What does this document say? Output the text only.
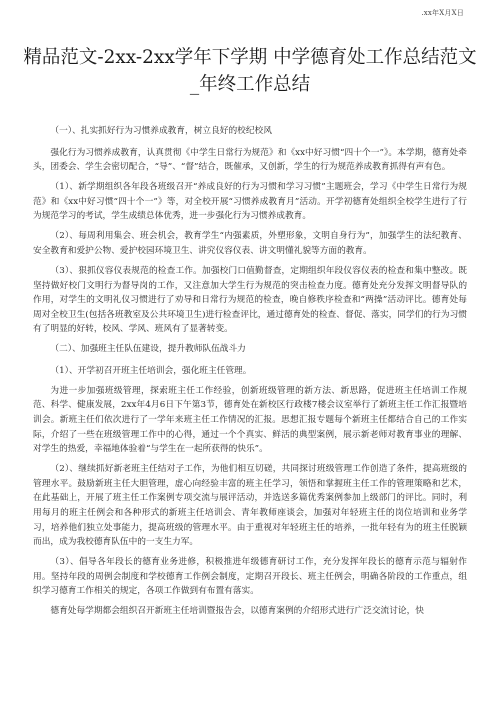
.xx年X月X日
精品范文-2xx-2xx学年下学期 中学德育处工作总结范文_年终工作总结

（一）、扎实抓好行为习惯养成教育，树立良好的校纪校风

强化行为习惯养成教育，认真贯彻《中学生日常行为规范》和《xx中好习惯“四十个一”》。本学期，德育处牵头，团委会、学生会密切配合，“导”、“督”结合，既催承，又创新，学生的行为规范养成教育抓得有声有色。

（1）、新学期组织各年段各班级召开“养成良好的行为习惯和学习习惯”主题班会，学习《中学生日常行为规范》和《xx中好习惯“四十个一”》等，对全校开展“习惯养成教育月”活动。开学初德育处组织全校学生进行了行为规范学习的考试，学生成绩总体优秀，进一步强化行为习惯养成教育。

（2）、每周利用集会、班会机会，教育学生“内强素质，外塑形象，文明自身行为”，加强学生的法纪教育、安全教育和爱护公物、爱护校园环境卫生、讲究仪容仪表、讲文明懂礼貌等方面的教育。

（3）、狠抓仪容仪表规范的检查工作。加强校门口值勤督查，定期组织年段仪容仪表的检查和集中整改。既坚持做好校门文明行为督导岗的工作，又注意加大学生行为规范的突击检查力度。德育处充分发挥文明督导队的作用，对学生的文明礼仪习惯进行了劝导和日常行为规范的检查，晚自修秩序检查和“两操”活动评比。德育处每周对全校卫生(包括各班教室及公共环境卫生)进行检查评比，通过德育处的检查、督促、落实，同学们的行为习惯有了明显的好转，校风、学风、班风有了显著转变。

（二）、加强班主任队伍建设，提升教师队伍战斗力

（1）、开学初召开班主任培训会，强化班主任管理。

为进一步加强班级管理，探索班主任工作经验，创新班级管理的新方法、新思路，促进班主任培训工作规范、科学、健康发展，2xx年4月6日下午第3节，德育处在新校区行政楼7楼会议室举行了新班主任工作汇报暨培训会。新班主任们依次进行了一学年来班主任工作情况的汇报。思想汇报专题每个新班主任都结合自己的工作实际，介绍了一些在班级管理工作中的心得，通过一个个真实、鲜活的典型案例，展示新老师对教育事业的理解、对学生的热爱，幸福地体验着“与学生在一起所获得的快乐”。

（2）、继续抓好新老班主任结对子工作，为他们相互切磋，共同探讨班级管理工作创造了条件，提高班级的管理水平。鼓励新班主任大胆管理，虚心向经验丰富的班主任学习，领悟和掌握班主任工作的管理策略和艺术，在此基础上，开展了班主任工作案例专项交流与展评活动，并选送多篇优秀案例参加上级部门的评比。同时，利用每月的班主任例会和各种形式的新班主任培训会、青年教师座谈会，加强对年轻班主任的岗位培训和业务学习，培养他们独立处事能力，提高班级的管理水平。由于重视对年轻班主任的培养，一批年轻有为的班主任脱颖而出，成为我校德育队伍中的一支生力军。

（3）、倡导各年段长的德育业务进修，积极推进年级德育研讨工作，充分发挥年段长的德育示范与辐射作用。坚持年段的周例会制度和学校德育工作例会制度，定期召开段长、班主任例会，明确各阶段的工作重点，组织学习德育工作相关的规定，各项工作做到有布置有落实。

德育处每学期都会组织召开新班主任培训暨报告会，以德育案例的介绍形式进行广泛交流讨论，快
